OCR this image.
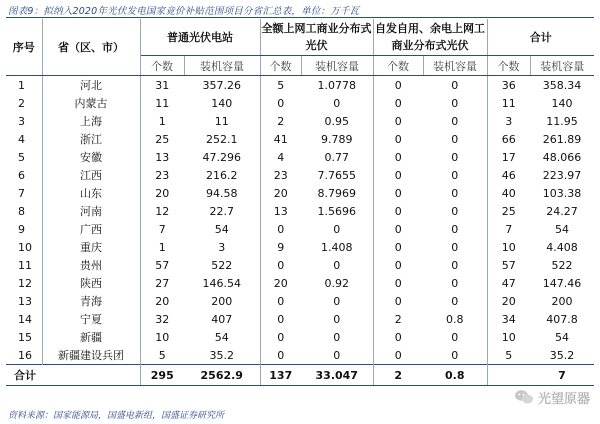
图表9：拟纳入2020年光伏发电国家竞价补贴范围项目分省汇总表，单位：万千瓦
序号	省（区、市）	普通光伏电站		全额上网工商业分布式光伏		自发自用、余电上网工商业分布式光伏		合计	
		个数	装机容量	个数	装机容量	个数	装机容量	个数	装机容量
1	河北	31	357.26	5	1.0778	0	0	36	358.34
2	内蒙古	11	140	0	0	0	0	11	140
3	上海	1	11	2	0.95	0	0	3	11.95
4	浙江	25	252.1	41	9.789	0	0	66	261.89
5	安徽	13	47.296	4	0.77	0	0	17	48.066
6	江西	23	216.2	23	7.7655	0	0	46	223.97
7	山东	20	94.58	20	8.7969	0	0	40	103.38
8	河南	12	22.7	13	1.5696	0	0	25	24.27
9	广西	7	54	0	0	0	0	7	54
10	重庆	1	3	9	1.408	0	0	10	4.408
11	贵州	57	522	0	0	0	0	57	522
12	陕西	27	146.54	20	0.92	0	0	47	147.46
13	青海	20	200	0	0	0	0	20	200
14	宁夏	32	407	0	0	2	0.8	34	407.8
15	新疆	10	54	0	0	0	0	10	54
16	新疆建设兵团	5	35.2	0	0	0	0	5	35.2
合计		295	2562.9	137	33.047	2	0.8		7
资料来源：国家能源局，国盛电新组，国盛证券研究所
光望原器
